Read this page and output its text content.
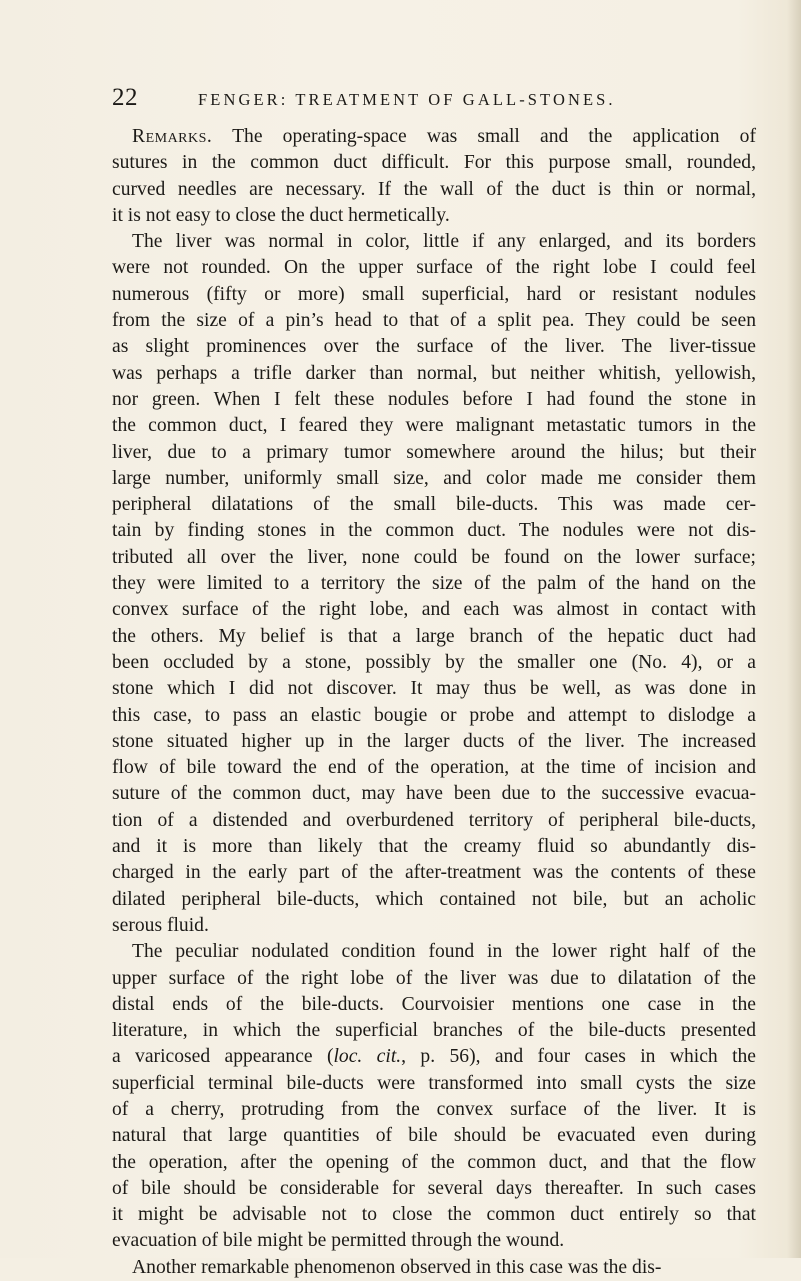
22	FENGER: TREATMENT OF GALL-STONES.
Remarks. The operating-space was small and the application of
sutures in the common duct difficult. For this purpose small, rounded,
curved needles are necessary. If the wall of the duct is thin or normal,
it is not easy to close the duct hermetically.
The liver was normal in color, little if any enlarged, and its borders
were not rounded. On the upper surface of the right lobe I could feel
numerous (fifty or more) small superficial, hard or resistant nodules
from the size of a pin’s head to that of a split pea. They could be seen
as slight prominences over the surface of the liver. The liver-tissue
was perhaps a trifle darker than normal, but neither whitish, yellowish,
nor green. When I felt these nodules before I had found the stone in
the common duct, I feared they were malignant metastatic tumors in the
liver, due to a primary tumor somewhere around the hilus; but their
large number, uniformly small size, and color made me consider them
peripheral dilatations of the small bile-ducts. This was made cer-
tain by finding stones in the common duct. The nodules were not dis-
tributed all over the liver, none could be found on the lower surface;
they were limited to a territory the size of the palm of the hand on the
convex surface of the right lobe, and each was almost in contact with
the others. My belief is that a large branch of the hepatic duct had
been occluded by a stone, possibly by the smaller one (No. 4), or a
stone which I did not discover. It may thus be well, as was done in
this case, to pass an elastic bougie or probe and attempt to dislodge a
stone situated higher up in the larger ducts of the liver. The increased
flow of bile toward the end of the operation, at the time of incision and
suture of the common duct, may have been due to the successive evacua-
tion of a distended and overburdened territory of peripheral bile-ducts,
and it is more than likely that the creamy fluid so abundantly dis-
charged in the early part of the after-treatment was the contents of these
dilated peripheral bile-ducts, which contained not bile, but an acholic
serous fluid.
The peculiar nodulated condition found in the lower right half of the
upper surface of the right lobe of the liver was due to dilatation of the
distal ends of the bile-ducts. Courvoisier mentions one case in the
literature, in which the superficial branches of the bile-ducts presented
a varicosed appearance (loc. cit., p. 56), and four cases in which the
superficial terminal bile-ducts were transformed into small cysts the size
of a cherry, protruding from the convex surface of the liver. It is
natural that large quantities of bile should be evacuated even during
the operation, after the opening of the common duct, and that the flow
of bile should be considerable for several days thereafter. In such cases
it might be advisable not to close the common duct entirely so that
evacuation of bile might be permitted through the wound.
Another remarkable phenomenon observed in this case was the dis-
